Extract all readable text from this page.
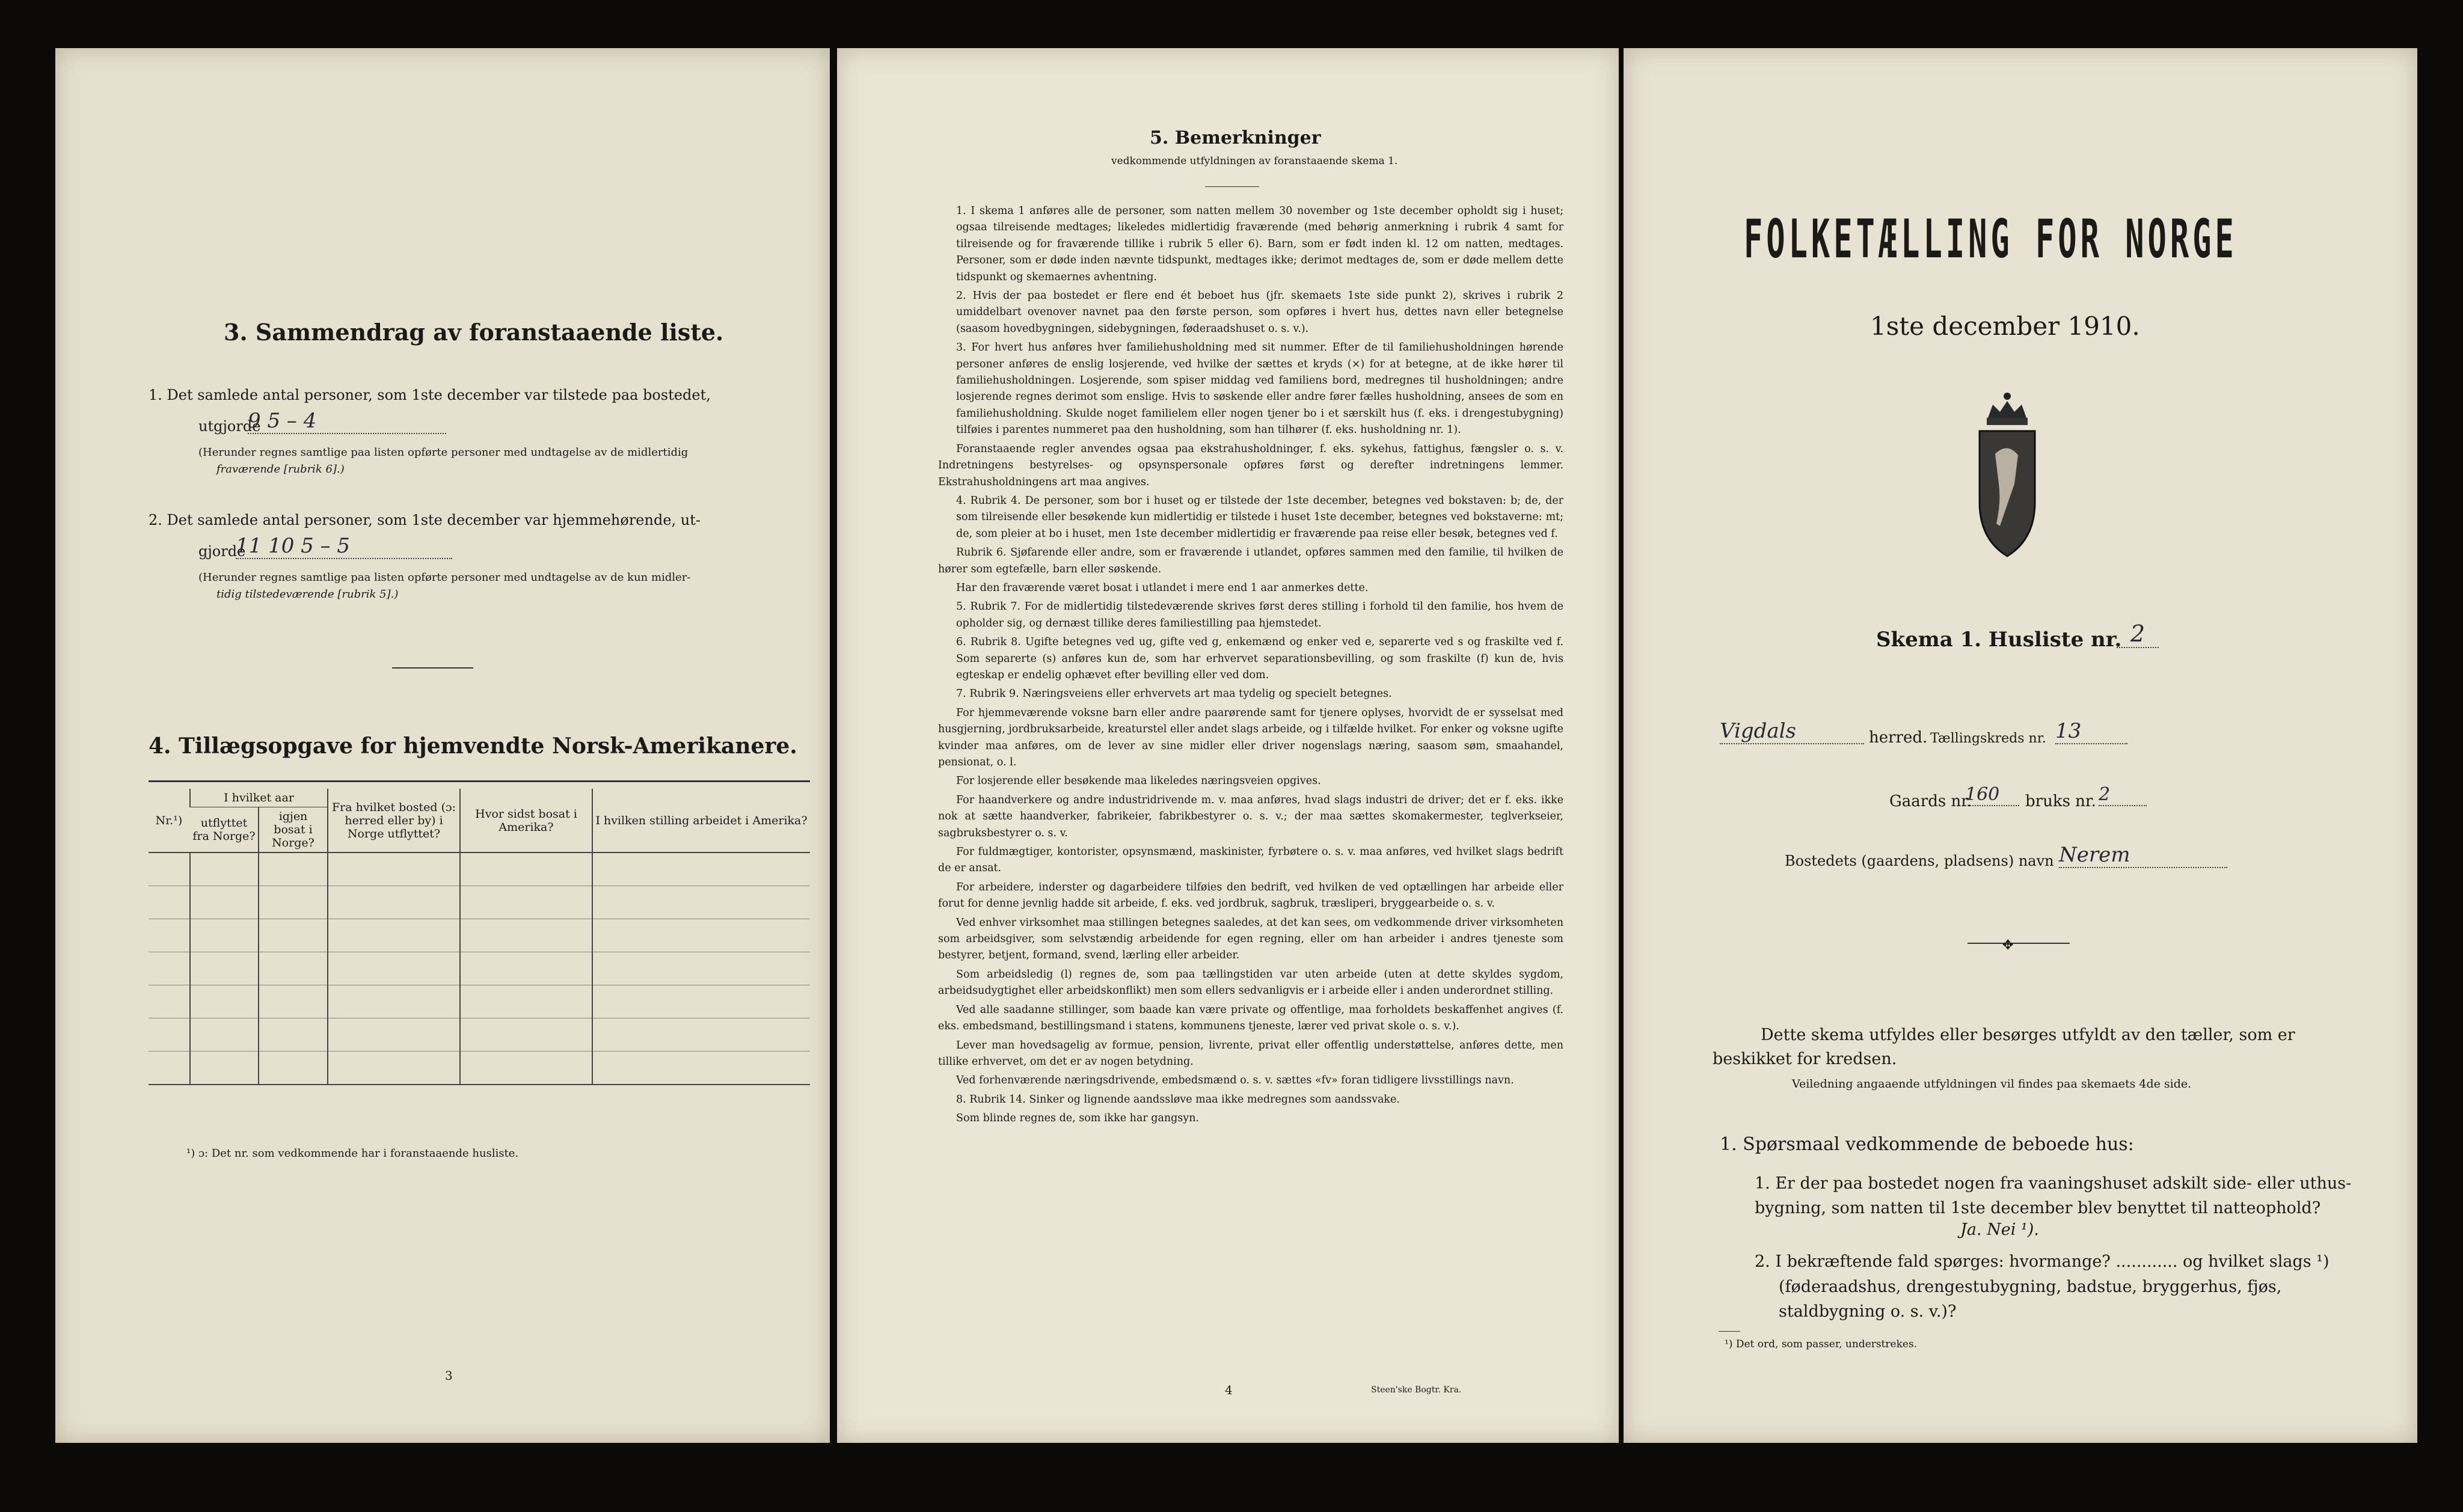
3. Sammendrag av foranstaaende liste.
1. Det samlede antal personer, som 1ste december var tilstede paa bostedet,
utgjorde
9 5 – 4
(Herunder regnes samtlige paa listen opførte personer med undtagelse av de midlertidig
fraværende [rubrik 6].)
2. Det samlede antal personer, som 1ste december var hjemmehørende, ut-
gjorde
11 10 5 – 5
(Herunder regnes samtlige paa listen opførte personer med undtagelse av de kun midler-
tidig tilstedeværende [rubrik 5].)
4. Tillægsopgave for hjemvendte Norsk-Amerikanere.
Nr.¹)	I hvilket aar		Fra hvilket bosted (ɔ: herred eller by) i Norge utflyttet?	Hvor sidst bosat i Amerika?	I hvilken stilling arbeidet i Amerika?
	utflyttet fra Norge?	igjen bosat i Norge?			

¹) ɔ: Det nr. som vedkommende har i foranstaaende husliste.
3
5. Bemerkninger
vedkommende utfyldningen av foranstaaende skema 1.

1. I skema 1 anføres alle de personer, som natten mellem 30 november og 1ste december opholdt sig i huset; ogsaa tilreisende medtages; likeledes midlertidig fraværende (med behørig anmerkning i rubrik 4 samt for tilreisende og for fraværende tillike i rubrik 5 eller 6). Barn, som er født inden kl. 12 om natten, medtages. Personer, som er døde inden nævnte tidspunkt, medtages ikke; derimot medtages de, som er døde mellem dette tidspunkt og skemaernes avhentning.

2. Hvis der paa bostedet er flere end ét beboet hus (jfr. skemaets 1ste side punkt 2), skrives i rubrik 2 umiddelbart ovenover navnet paa den første person, som opføres i hvert hus, dettes navn eller betegnelse (saasom hovedbygningen, sidebygningen, føderaadshuset o. s. v.).

3. For hvert hus anføres hver familiehusholdning med sit nummer. Efter de til familiehusholdningen hørende personer anføres de enslig losjerende, ved hvilke der sættes et kryds (×) for at betegne, at de ikke hører til familiehusholdningen. Losjerende, som spiser middag ved familiens bord, medregnes til husholdningen; andre losjerende regnes derimot som enslige. Hvis to søskende eller andre fører fælles husholdning, ansees de som en familiehusholdning. Skulde noget familielem eller nogen tjener bo i et særskilt hus (f. eks. i drengestubygning) tilføies i parentes nummeret paa den husholdning, som han tilhører (f. eks. husholdning nr. 1).

Foranstaaende regler anvendes ogsaa paa ekstrahusholdninger, f. eks. sykehus, fattighus, fængsler o. s. v. Indretningens bestyrelses- og opsynspersonale opføres først og derefter indretningens lemmer. Ekstrahusholdningens art maa angives.

4. Rubrik 4. De personer, som bor i huset og er tilstede der 1ste december, betegnes ved bokstaven: b; de, der som tilreisende eller besøkende kun midlertidig er tilstede i huset 1ste december, betegnes ved bokstaverne: mt; de, som pleier at bo i huset, men 1ste december midlertidig er fraværende paa reise eller besøk, betegnes ved f.

Rubrik 6. Sjøfarende eller andre, som er fraværende i utlandet, opføres sammen med den familie, til hvilken de hører som egtefælle, barn eller søskende.

Har den fraværende været bosat i utlandet i mere end 1 aar anmerkes dette.

5. Rubrik 7. For de midlertidig tilstedeværende skrives først deres stilling i forhold til den familie, hos hvem de opholder sig, og dernæst tillike deres familiestilling paa hjemstedet.

6. Rubrik 8. Ugifte betegnes ved ug, gifte ved g, enkemænd og enker ved e, separerte ved s og fraskilte ved f. Som separerte (s) anføres kun de, som har erhvervet separationsbevilling, og som fraskilte (f) kun de, hvis egteskap er endelig ophævet efter bevilling eller ved dom.

7. Rubrik 9. Næringsveiens eller erhvervets art maa tydelig og specielt betegnes.

For hjemmeværende voksne barn eller andre paarørende samt for tjenere oplyses, hvorvidt de er sysselsat med husgjerning, jordbruksarbeide, kreaturstel eller andet slags arbeide, og i tilfælde hvilket. For enker og voksne ugifte kvinder maa anføres, om de lever av sine midler eller driver nogenslags næring, saasom søm, smaahandel, pensionat, o. l.

For losjerende eller besøkende maa likeledes næringsveien opgives.

For haandverkere og andre industridrivende m. v. maa anføres, hvad slags industri de driver; det er f. eks. ikke nok at sætte haandverker, fabrikeier, fabrikbestyrer o. s. v.; der maa sættes skomakermester, teglverkseier, sagbruksbestyrer o. s. v.

For fuldmægtiger, kontorister, opsynsmænd, maskinister, fyrbøtere o. s. v. maa anføres, ved hvilket slags bedrift de er ansat.

For arbeidere, inderster og dagarbeidere tilføies den bedrift, ved hvilken de ved optællingen har arbeide eller forut for denne jevnlig hadde sit arbeide, f. eks. ved jordbruk, sagbruk, træsliperi, bryggearbeide o. s. v.

Ved enhver virksomhet maa stillingen betegnes saaledes, at det kan sees, om vedkommende driver virksomheten som arbeidsgiver, som selvstændig arbeidende for egen regning, eller om han arbeider i andres tjeneste som bestyrer, betjent, formand, svend, lærling eller arbeider.

Som arbeidsledig (l) regnes de, som paa tællingstiden var uten arbeide (uten at dette skyldes sygdom, arbeidsudygtighet eller arbeidskonflikt) men som ellers sedvanligvis er i arbeide eller i anden underordnet stilling.

Ved alle saadanne stillinger, som baade kan være private og offentlige, maa forholdets beskaffenhet angives (f. eks. embedsmand, bestillingsmand i statens, kommunens tjeneste, lærer ved privat skole o. s. v.).

Lever man hovedsagelig av formue, pension, livrente, privat eller offentlig understøttelse, anføres dette, men tillike erhvervet, om det er av nogen betydning.

Ved forhenværende næringsdrivende, embedsmænd o. s. v. sættes «fv» foran tidligere livsstillings navn.

8. Rubrik 14. Sinker og lignende aandssløve maa ikke medregnes som aandssvake.

Som blinde regnes de, som ikke har gangsyn.

4	Steen'ske Bogtr. Kra.
FOLKETÆLLING FOR NORGE
1ste december 1910.
Skema 1. Husliste nr. 2
Vigdals	herred. Tællingskreds nr. 13
Gaards nr.
160	bruks nr. 2
Bostedets (gaardens, pladsens) navn Nerem
✥
Dette skema utfyldes eller besørges utfyldt av den tæller, som er beskikket for kredsen.
Veiledning angaaende utfyldningen vil findes paa skemaets 4de side.
1. Spørsmaal vedkommende de beboede hus:
1. Er der paa bostedet nogen fra vaaningshuset adskilt side- eller uthus-bygning, som natten til 1ste december blev benyttet til natteophold?
Ja. Nei ¹).
2. I bekræftende fald spørges: hvormange? ............ og hvilket slags ¹)
(føderaadshus, drengestubygning, badstue, bryggerhus, fjøs, staldbygning o. s. v.)?
¹) Det ord, som passer, understrekes.
